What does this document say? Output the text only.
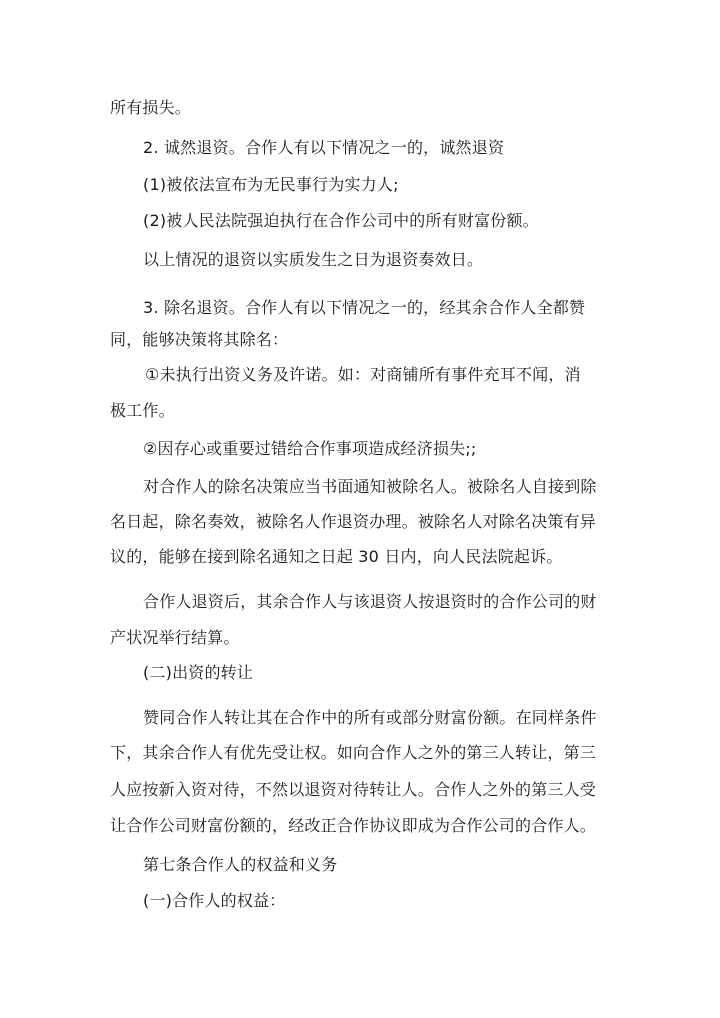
所有损失。
2. 诚然退资。合作人有以下情况之一的，诚然退资
(1)被依法宣布为无民事行为实力人;
(2)被人民法院强迫执行在合作公司中的所有财富份额。
以上情况的退资以实质发生之日为退资奏效日。
3. 除名退资。合作人有以下情况之一的，经其余合作人全都赞
同，能够决策将其除名：
①未执行出资义务及许诺。如：对商铺所有事件充耳不闻，消
极工作。
②因存心或重要过错给合作事项造成经济损失;;
对合作人的除名决策应当书面通知被除名人。被除名人自接到除
名日起，除名奏效，被除名人作退资办理。被除名人对除名决策有异
议的，能够在接到除名通知之日起 30 日内，向人民法院起诉。
合作人退资后，其余合作人与该退资人按退资时的合作公司的财
产状况举行结算。
(二)出资的转让
赞同合作人转让其在合作中的所有或部分财富份额。在同样条件
下，其余合作人有优先受让权。如向合作人之外的第三人转让，第三
人应按新入资对待，不然以退资对待转让人。合作人之外的第三人受
让合作公司财富份额的，经改正合作协议即成为合作公司的合作人。
第七条合作人的权益和义务
(一)合作人的权益：
